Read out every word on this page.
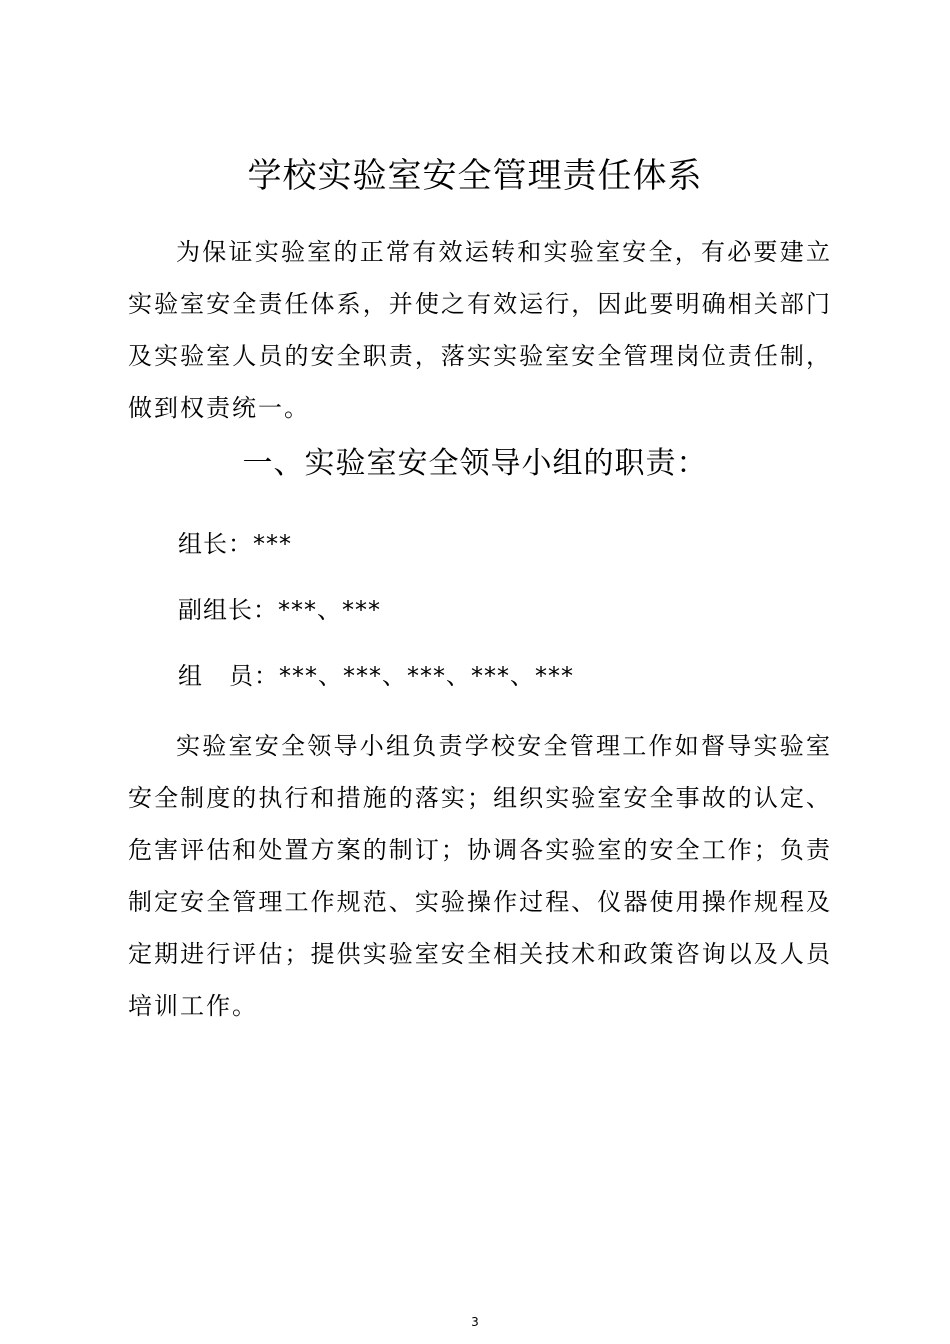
学校实验室安全管理责任体系

为保证实验室的正常有效运转和实验室安全，有必要建立实验室安全责任体系，并使之有效运行，因此要明确相关部门及实验室人员的安全职责，落实实验室安全管理岗位责任制，做到权责统一。

一、实验室安全领导小组的职责：
组长：***
副组长：***、***
组 员：***、***、***、***、***

实验室安全领导小组负责学校安全管理工作如督导实验室安全制度的执行和措施的落实；组织实验室安全事故的认定、危害评估和处置方案的制订；协调各实验室的安全工作；负责制定安全管理工作规范、实验操作过程、仪器使用操作规程及定期进行评估；提供实验室安全相关技术和政策咨询以及人员培训工作。

3
